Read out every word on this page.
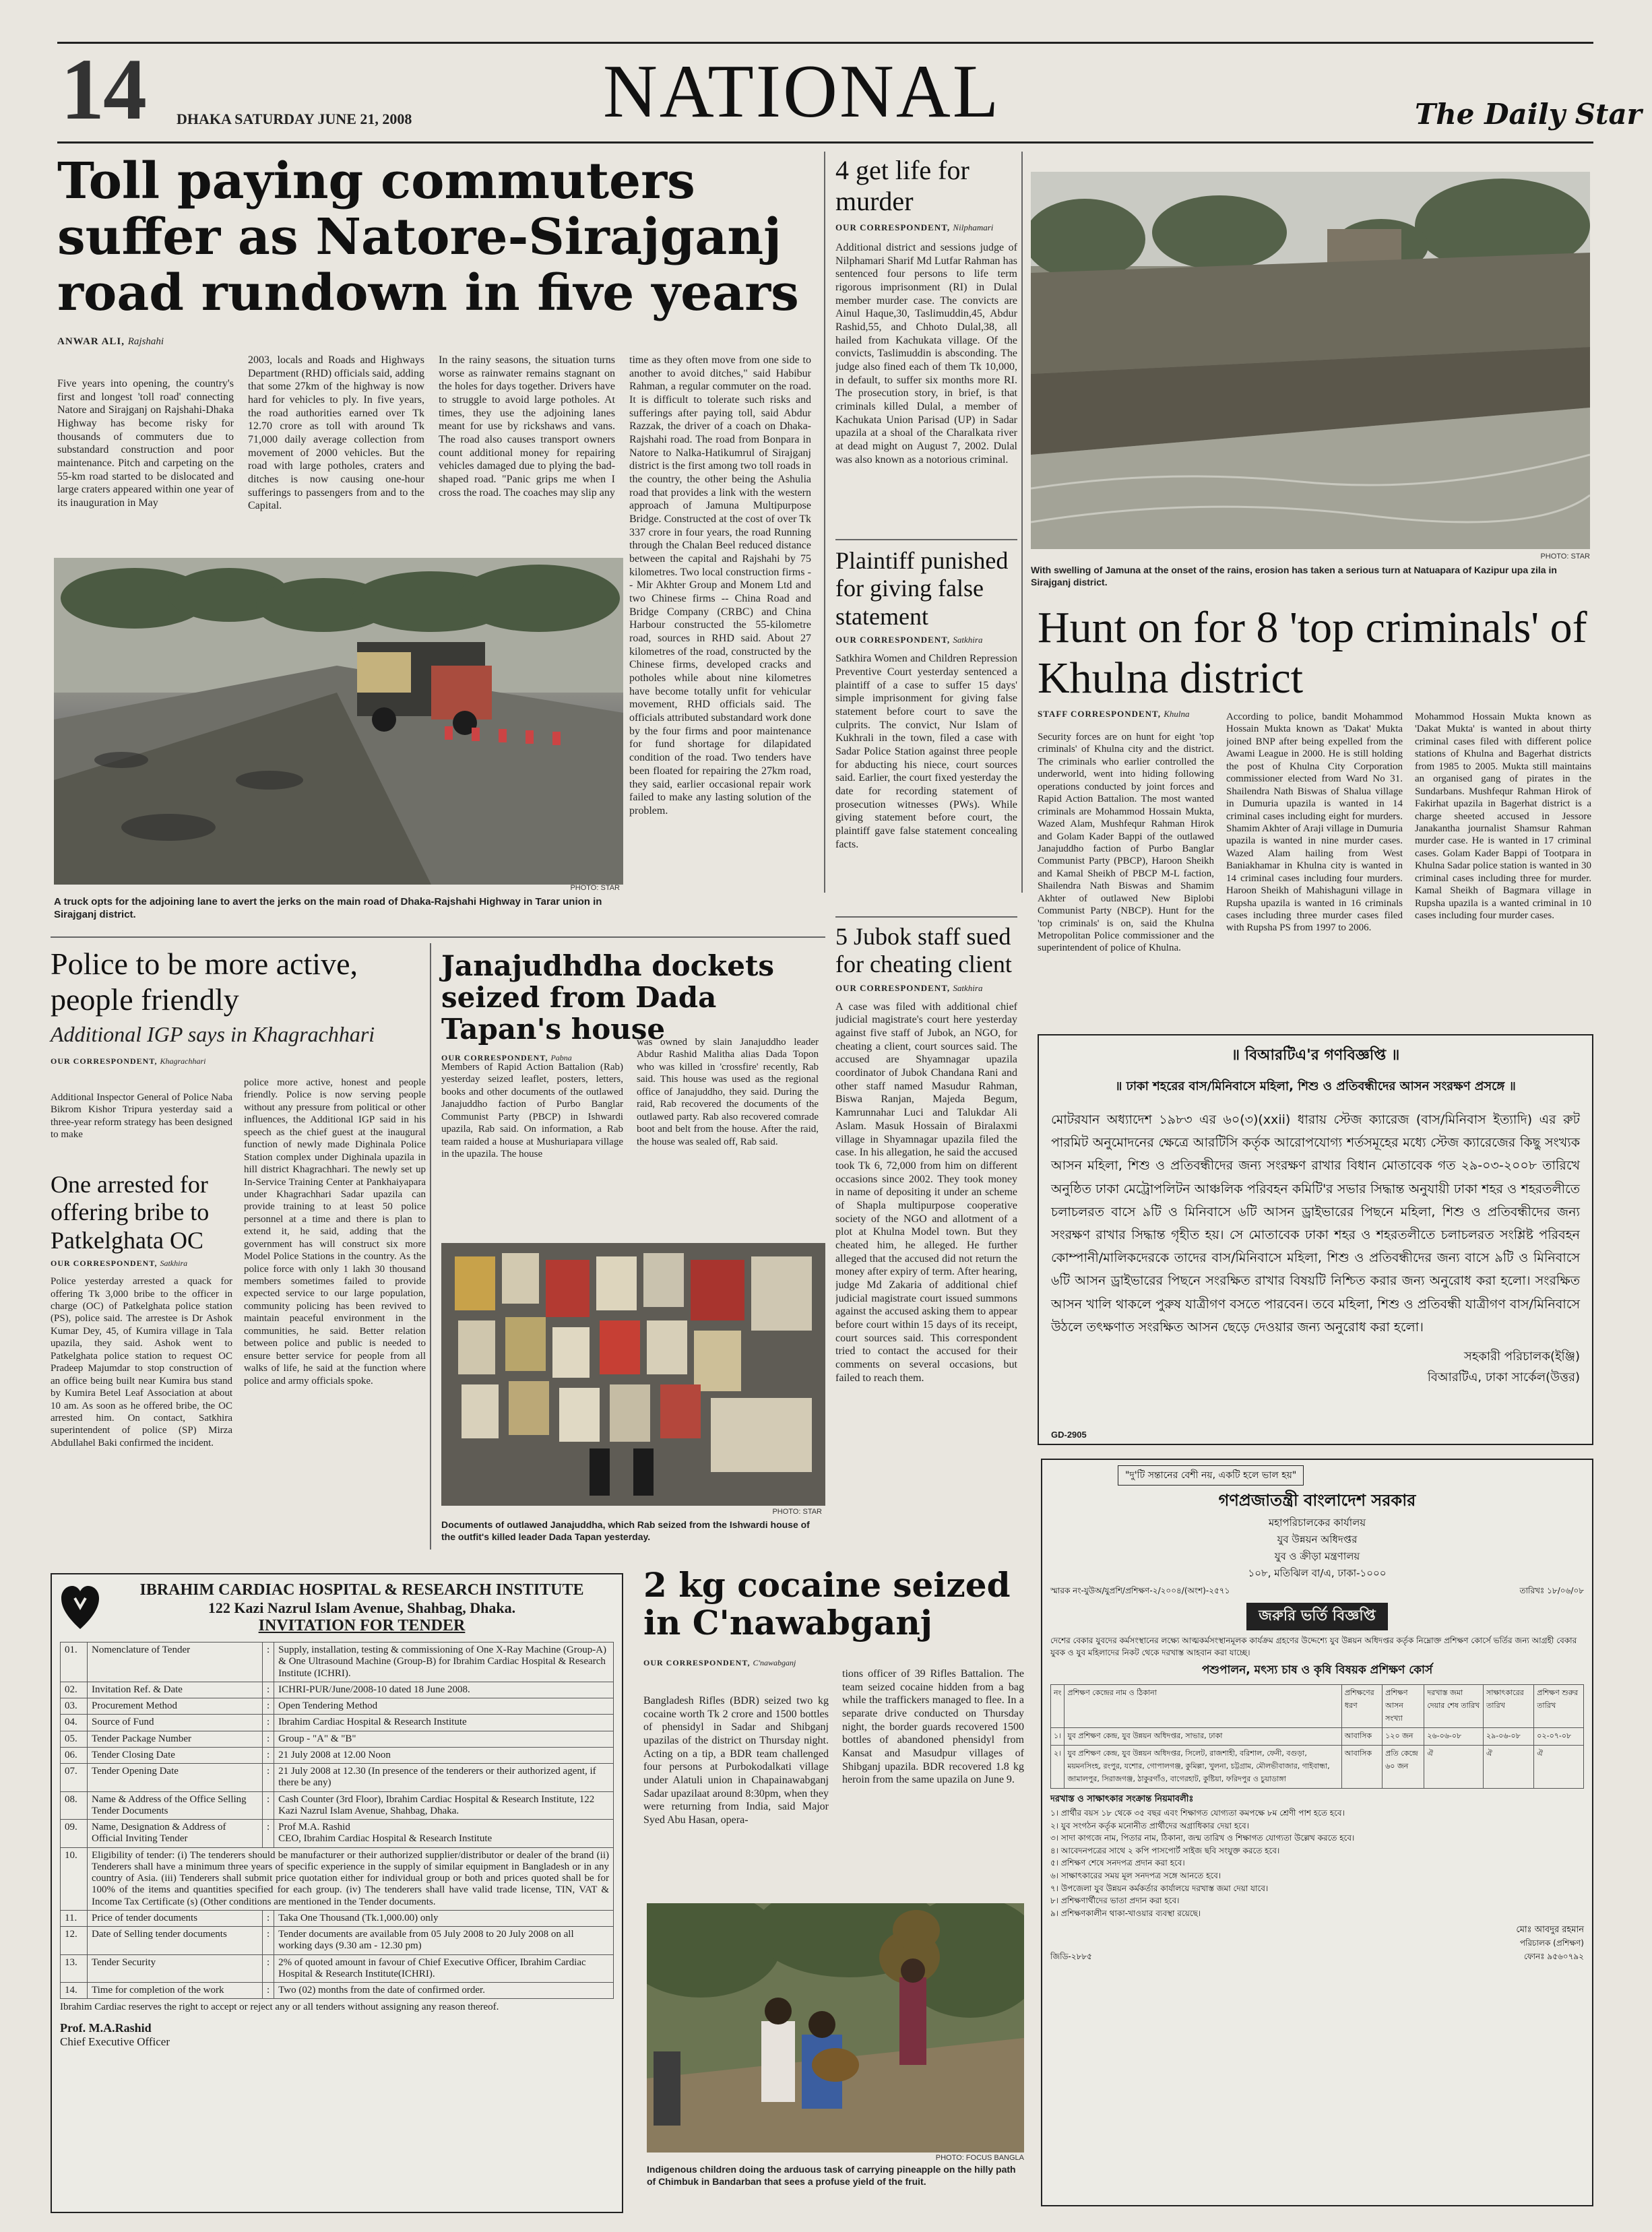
14 DHAKA SATURDAY JUNE 21, 2008	NATIONAL	The Daily Star
Toll paying commuters suffer as Natore-Sirajganj road rundown in five years
ANWAR ALI, Rajshahi
Five years into opening, the country's first and longest 'toll road' connecting Natore and Sirajganj on Rajshahi-Dhaka Highway has become risky for thousands of commuters due to substandard construction and poor maintenance. Pitch and carpeting on the 55-km road started to be dislocated and large craters appeared within one year of its inauguration in May
2003, locals and Roads and Highways Department (RHD) officials said, adding that some 27km of the highway is now hard for vehicles to ply. In five years, the road authorities earned over Tk 12.70 crore as toll with around Tk 71,000 daily average collection from movement of 2000 vehicles. But the road with large potholes, craters and ditches is now causing one-hour sufferings to passengers from and to the Capital.
In the rainy seasons, the situation turns worse as rainwater remains stagnant on the holes for days together. Drivers have to struggle to avoid large potholes. At times, they use the adjoining lanes meant for use by rickshaws and vans. The road also causes transport owners count additional money for repairing vehicles damaged due to plying the bad-shaped road. "Panic grips me when I cross the road. The coaches may slip any
time as they often move from one side to another to avoid ditches," said Habibur Rahman, a regular commuter on the road. It is difficult to tolerate such risks and sufferings after paying toll, said Abdur Razzak, the driver of a coach on Dhaka-Rajshahi road. The road from Bonpara in Natore to Nalka-Hatikumrul of Sirajganj district is the first among two toll roads in the country, the other being the Ashulia road that provides a link with the western approach of Jamuna Multipurpose Bridge. Constructed at the cost of over Tk 337 crore in four years, the road Running through the Chalan Beel reduced distance between the capital and Rajshahi by 75 kilometres. Two local construction firms -- Mir Akhter Group and Monem Ltd and two Chinese firms -- China Road and Bridge Company (CRBC) and China Harbour constructed the 55-kilometre road, sources in RHD said. About 27 kilometres of the road, constructed by the Chinese firms, developed cracks and potholes while about nine kilometres have become totally unfit for vehicular movement, RHD officials said. The officials attributed substandard work done by the four firms and poor maintenance for fund shortage for dilapidated condition of the road. Two tenders have been floated for repairing the 27km road, they said, earlier occasional repair work failed to make any lasting solution of the problem.
PHOTO: STAR
A truck opts for the adjoining lane to avert the jerks on the main road of Dhaka-Rajshahi Highway in Tarar union in Sirajganj district.
4 get life for murder
OUR CORRESPONDENT, Nilphamari
Additional district and sessions judge of Nilphamari Sharif Md Lutfar Rahman has sentenced four persons to life term rigorous imprisonment (RI) in Dulal member murder case. The convicts are Ainul Haque,30, Taslimuddin,45, Abdur Rashid,55, and Chhoto Dulal,38, all hailed from Kachukata village. Of the convicts, Taslimuddin is absconding. The judge also fined each of them Tk 10,000, in default, to suffer six months more RI. The prosecution story, in brief, is that criminals killed Dulal, a member of Kachukata Union Parisad (UP) in Sadar upazila at a shoal of the Charalkata river at dead might on August 7, 2002. Dulal was also known as a notorious criminal.
Plaintiff punished for giving false statement
OUR CORRESPONDENT, Satkhira
Satkhira Women and Children Repression Preventive Court yesterday sentenced a plaintiff of a case to suffer 15 days' simple imprisonment for giving false statement before court to save the culprits. The convict, Nur Islam of Kukhrali in the town, filed a case with Sadar Police Station against three people for abducting his niece, court sources said. Earlier, the court fixed yesterday the date for recording statement of prosecution witnesses (PWs). While giving statement before court, the plaintiff gave false statement concealing facts.
5 Jubok staff sued for cheating client
OUR CORRESPONDENT, Satkhira
A case was filed with additional chief judicial magistrate's court here yesterday against five staff of Jubok, an NGO, for cheating a client, court sources said. The accused are Shyamnagar upazila coordinator of Jubok Chandana Rani and other staff named Masudur Rahman, Biswa Ranjan, Majeda Begum, Kamrunnahar Luci and Talukdar Ali Aslam. Masuk Hossain of Biralaxmi village in Shyamnagar upazila filed the case. In his allegation, he said the accused took Tk 6, 72,000 from him on different occasions since 2002. They took money in name of depositing it under an scheme of Shapla multipurpose cooperative society of the NGO and allotment of a plot at Khulna Model town. But they cheated him, he alleged. He further alleged that the accused did not return the money after expiry of term. After hearing, judge Md Zakaria of additional chief judicial magistrate court issued summons against the accused asking them to appear before court within 15 days of its receipt, court sources said. This correspondent tried to contact the accused for their comments on several occasions, but failed to reach them.
PHOTO: STAR
With swelling of Jamuna at the onset of the rains, erosion has taken a serious turn at Natuapara of Kazipur upa zila in Sirajganj district.
Hunt on for 8 'top criminals' of Khulna district
STAFF CORRESPONDENT, Khulna
Security forces are on hunt for eight 'top criminals' of Khulna city and the district. The criminals who earlier controlled the underworld, went into hiding following operations conducted by joint forces and Rapid Action Battalion. The most wanted criminals are Mohammod Hossain Mukta, Wazed Alam, Mushfequr Rahman Hirok and Golam Kader Bappi of the outlawed Janajuddho faction of Purbo Banglar Communist Party (PBCP), Haroon Sheikh and Kamal Sheikh of PBCP M-L faction, Shailendra Nath Biswas and Shamim Akhter of outlawed New Biplobi Communist Party (NBCP). Hunt for the 'top criminals' is on, said the Khulna Metropolitan Police commissioner and the superintendent of police of Khulna.
According to police, bandit Mohammod Hossain Mukta known as 'Dakat' Mukta joined BNP after being expelled from the Awami League in 2000. He is still holding the post of Khulna City Corporation commissioner elected from Ward No 31. Shailendra Nath Biswas of Shalua village in Dumuria upazila is wanted in 14 criminal cases including eight for murders. Shamim Akhter of Araji village in Dumuria upazila is wanted in nine murder cases. Wazed Alam hailing from West Baniakhamar in Khulna city is wanted in 14 criminal cases including four murders. Haroon Sheikh of Mahishaguni village in Rupsha upazila is wanted in 16 criminals cases including three murder cases filed with Rupsha PS from 1997 to 2006.
Mohammod Hossain Mukta known as 'Dakat Mukta' is wanted in about thirty criminal cases filed with different police stations of Khulna and Bagerhat districts from 1985 to 2005. Mukta still maintains an organised gang of pirates in the Sundarbans. Mushfequr Rahman Hirok of Fakirhat upazila in Bagerhat district is a charge sheeted accused in Jessore Janakantha journalist Shamsur Rahman murder case. He is wanted in 17 criminal cases. Golam Kader Bappi of Tootpara in Khulna Sadar police station is wanted in 30 criminal cases including three for murder. Kamal Sheikh of Bagmara village in Rupsha upazila is a wanted criminal in 10 cases including four murder cases.
Police to be more active, people friendly
Additional IGP says in Khagrachhari
OUR CORRESPONDENT, Khagrachhari
Additional Inspector General of Police Naba Bikrom Kishor Tripura yesterday said a three-year reform strategy has been designed to make
police more active, honest and people friendly. Police is now serving people without any pressure from political or other influences, the Additional IGP said in his speech as the chief guest at the inaugural function of newly made Dighinala Police Station complex under Dighinala upazila in hill district Khagrachhari. The newly set up In-Service Training Center at Pankhaiyapara under Khagrachhari Sadar upazila can provide training to at least 50 police personnel at a time and there is plan to extend it, he said, adding that the government has will construct six more Model Police Stations in the country. As the police force with only 1 lakh 30 thousand members sometimes failed to provide expected service to our large population, community policing has been revived to maintain peaceful environment in the communities, he said. Better relation between police and public is needed to ensure better service for people from all walks of life, he said at the function where police and army officials spoke.
One arrested for offering bribe to Patkelghata OC
OUR CORRESPONDENT, Satkhira
Police yesterday arrested a quack for offering Tk 3,000 bribe to the officer in charge (OC) of Patkelghata police station (PS), police said. The arrestee is Dr Ashok Kumar Dey, 45, of Kumira village in Tala upazila, they said. Ashok went to Patkelghata police station to request OC Pradeep Majumdar to stop construction of an office being built near Kumira bus stand by Kumira Betel Leaf Association at about 10 am. As soon as he offered bribe, the OC arrested him. On contact, Satkhira superintendent of police (SP) Mirza Abdullahel Baki confirmed the incident.
Janajudhdha dockets seized from Dada Tapan's house
OUR CORRESPONDENT, Pabna
Members of Rapid Action Battalion (Rab) yesterday seized leaflet, posters, letters, books and other documents of the outlawed Janajuddho faction of Purbo Banglar Communist Party (PBCP) in Ishwardi upazila, Rab said. On information, a Rab team raided a house at Mushuriapara village in the upazila. The house
was owned by slain Janajuddho leader Abdur Rashid Malitha alias Dada Topon who was killed in 'crossfire' recently, Rab said. This house was used as the regional office of Janajuddho, they said. During the raid, Rab recovered the documents of the outlawed party. Rab also recovered comrade boot and belt from the house. After the raid, the house was sealed off, Rab said.
PHOTO: STAR
Documents of outlawed Janajuddha, which Rab seized from the Ishwardi house of the outfit's killed leader Dada Tapan yesterday.
IBRAHIM CARDIAC HOSPITAL & RESEARCH INSTITUTE
122 Kazi Nazrul Islam Avenue, Shahbag, Dhaka.
INVITATION FOR TENDER
01.	Nomenclature of Tender	:	Supply, installation, testing & commissioning of One X-Ray Machine (Group-A) & One Ultrasound Machine (Group-B) for Ibrahim Cardiac Hospital & Research Institute (ICHRI).
02.	Invitation Ref. & Date	:	ICHRI-PUR/June/2008-10 dated 18 June 2008.
03.	Procurement Method	:	Open Tendering Method
04.	Source of Fund	:	Ibrahim Cardiac Hospital & Research Institute
05.	Tender Package Number	:	Group - "A" & "B"
06.	Tender Closing Date	:	21 July 2008 at 12.00 Noon
07.	Tender Opening Date	:	21 July 2008 at 12.30 (In presence of the tenderers or their authorized agent, if there be any)
08.	Name & Address of the Office Selling Tender Documents	:	Cash Counter (3rd Floor), Ibrahim Cardiac Hospital & Research Institute, 122 Kazi Nazrul Islam Avenue, Shahbag, Dhaka.
09.	Name, Designation & Address of Official Inviting Tender	:	Prof M.A. Rashid
CEO, Ibrahim Cardiac Hospital & Research Institute
10.	Eligibility of tender: (i) The tenderers should be manufacturer or their authorized supplier/distributor or dealer of the brand (ii) Tenderers shall have a minimum three years of specific experience in the supply of similar equipment in Bangladesh or in any country of Asia. (iii) Tenderers shall submit price quotation either for individual group or both and prices quoted shall be for 100% of the items and quantities specified for each group. (iv) The tenderers shall have valid trade license, TIN, VAT & Income Tax Certificate (s) (Other conditions are mentioned in the Tender documents.		
11.	Price of tender documents	:	Taka One Thousand (Tk.1,000.00) only
12.	Date of Selling tender documents	:	Tender documents are available from 05 July 2008 to 20 July 2008 on all working days (9.30 am - 12.30 pm)
13.	Tender Security	:	2% of quoted amount in favour of Chief Executive Officer, Ibrahim Cardiac Hospital & Research Institute(ICHRI).
14.	Time for completion of the work	:	Two (02) months from the date of confirmed order.
Ibrahim Cardiac reserves the right to accept or reject any or all tenders without assigning any reason thereof.
Prof. M.A.Rashid
Chief Executive Officer
2 kg cocaine seized in C'nawabganj
OUR CORRESPONDENT, C'nawabganj
Bangladesh Rifles (BDR) seized two kg cocaine worth Tk 2 crore and 1500 bottles of phensidyl in Sadar and Shibganj upazilas of the district on Thursday night. Acting on a tip, a BDR team challenged four persons at Purbokodalkati village under Alatuli union in Chapainawabganj Sadar upazilaat around 8:30pm, when they were returning from India, said Major Syed Abu Hasan, opera-
tions officer of 39 Rifles Battalion. The team seized cocaine hidden from a bag while the traffickers managed to flee. In a separate drive conducted on Thursday night, the border guards recovered 1500 bottles of abandoned phensidyl from Kansat and Masudpur villages of Shibganj upazila. BDR recovered 1.8 kg heroin from the same upazila on June 9.
PHOTO: FOCUS BANGLA
Indigenous children doing the arduous task of carrying pineapple on the hilly path of Chimbuk in Bandarban that sees a profuse yield of the fruit.
॥ বিআরটিএ'র গণবিজ্ঞপ্তি ॥
॥ ঢাকা শহরের বাস/মিনিবাসে মহিলা, শিশু ও প্রতিবন্ধীদের আসন সংরক্ষণ প্রসঙ্গে ॥
মোটরযান অধ্যাদেশ ১৯৮৩ এর ৬০(৩)(xxii) ধারায় স্টেজ ক্যারেজ (বাস/মিনিবাস ইত্যাদি) এর রুট পারমিট অনুমোদনের ক্ষেত্রে আরটিসি কর্তৃক আরোপযোগ্য শর্তসমূহের মধ্যে স্টেজ ক্যারেজের কিছু সংখ্যক আসন মহিলা, শিশু ও প্রতিবন্ধীদের জন্য সংরক্ষণ রাখার বিধান মোতাবেক গত ২৯-০৩-২০০৮ তারিখে অনুষ্ঠিত ঢাকা মেট্রোপলিটন আঞ্চলিক পরিবহন কমিটি'র সভার সিদ্ধান্ত অনুযায়ী ঢাকা শহর ও শহরতলীতে চলাচলরত বাসে ৯টি ও মিনিবাসে ৬টি আসন ড্রাইভারের পিছনে মহিলা, শিশু ও প্রতিবন্ধীদের জন্য সংরক্ষণ রাখার সিদ্ধান্ত গৃহীত হয়। সে মোতাবেক ঢাকা শহর ও শহরতলীতে চলাচলরত সংশ্লিষ্ট পরিবহন কোম্পানী/মালিকদেরকে তাদের বাস/মিনিবাসে মহিলা, শিশু ও প্রতিবন্ধীদের জন্য বাসে ৯টি ও মিনিবাসে ৬টি আসন ড্রাইভারের পিছনে সংরক্ষিত রাখার বিষয়টি নিশ্চিত করার জন্য অনুরোধ করা হলো। সংরক্ষিত আসন খালি থাকলে পুরুষ যাত্রীগণ বসতে পারবেন। তবে মহিলা, শিশু ও প্রতিবন্ধী যাত্রীগণ বাস/মিনিবাসে উঠলে তৎক্ষণাত সংরক্ষিত আসন ছেড়ে দেওয়ার জন্য অনুরোধ করা হলো।
সহকারী পরিচালক(ইঞ্জি)
বিআরটিএ, ঢাকা সার্কেল(উত্তর)
GD-2905
"দু'টি সন্তানের বেশী নয়, একটি হলে ভাল হয়"
গণপ্রজাতন্ত্রী বাংলাদেশ সরকার
মহাপরিচালকের কার্যালয়
যুব উন্নয়ন অধিদপ্তর
যুব ও ক্রীড়া মন্ত্রণালয়
১০৮, মতিঝিল বা/এ, ঢাকা-১০০০
স্মারক নং-যুউঅ/যুপ্রশি/প্রশিক্ষণ-২/২০০৪/(অংশ)-২৫৭১	তারিখঃ ১৮/০৬/০৮
জরুরি ভর্তি বিজ্ঞপ্তি
দেশের বেকার যুবদের কর্মসংস্থানের লক্ষ্যে আত্মকর্মসংস্থানমূলক কার্যক্রম গ্রহণের উদ্দেশ্যে যুব উন্নয়ন অধিদপ্তর কর্তৃক নিম্নোক্ত প্রশিক্ষণ কোর্সে ভর্তির জন্য আগ্রহী বেকার যুবক ও যুব মহিলাদের নিকট থেকে দরখাস্ত আহবান করা যাচ্ছে।
পশুপালন, মৎস্য চাষ ও কৃষি বিষয়ক প্রশিক্ষণ কোর্স
নং	প্রশিক্ষণ কেন্দ্রের নাম ও ঠিকানা	প্রশিক্ষণের ধরণ	প্রশিক্ষণ আসন সংখ্যা	দরখাস্ত জমা দেয়ার শেষ তারিখ	সাক্ষাৎকারের তারিখ	প্রশিক্ষণ শুরুর তারিখ
১।	যুব প্রশিক্ষণ কেন্দ্র, যুব উন্নয়ন অধিদপ্তর, সাভার, ঢাকা	আবাসিক	১২০ জন	২৬-০৬-০৮	২৯-০৬-০৮	০২-০৭-০৮
২।	যুব প্রশিক্ষণ কেন্দ্র, যুব উন্নয়ন অধিদপ্তর, সিলেট, রাজশাহী, বরিশাল, ফেনী, বগুড়া, ময়মনসিংহ, রংপুর, যশোর, গোপালগঞ্জ, কুমিল্লা, খুলনা, চট্টগ্রাম, মৌলভীবাজার, গাইবান্ধা, জামালপুর, সিরাজগঞ্জ, ঠাকুরগাঁও, বাগেরহাট, কুষ্টিয়া, ফরিদপুর ও চুয়াডাঙ্গা	আবাসিক	প্রতি কেন্দ্রে ৬০ জন	ঐ	ঐ	ঐ
দরখাস্ত ও সাক্ষাৎকার সংক্রান্ত নিয়মাবলীঃ
১। প্রার্থীর বয়স ১৮ থেকে ৩৫ বছর এবং শিক্ষাগত যোগ্যতা কমপক্ষে ৮ম শ্রেণী পাশ হতে হবে।
২। যুব সংগঠন কর্তৃক মনোনীত প্রার্থীদের অগ্রাধিকার দেয়া হবে।
৩। সাদা কাগজে নাম, পিতার নাম, ঠিকানা, জন্ম তারিখ ও শিক্ষাগত যোগ্যতা উল্লেখ করতে হবে।
৪। আবেদনপত্রের সাথে ২ কপি পাসপোর্ট সাইজ ছবি সংযুক্ত করতে হবে।
৫। প্রশিক্ষণ শেষে সনদপত্র প্রদান করা হবে।
৬। সাক্ষাৎকারের সময় মূল সনদপত্র সঙ্গে আনতে হবে।
৭। উপজেলা যুব উন্নয়ন কর্মকর্তার কার্যালয়ে দরখাস্ত জমা দেয়া যাবে।
৮। প্রশিক্ষণার্থীদের ভাতা প্রদান করা হবে।
৯। প্রশিক্ষণকালীন থাকা-খাওয়ার ব্যবস্থা রয়েছে।
মোঃ আবদুর রহমান
পরিচালক (প্রশিক্ষণ)
জিডি-২৮৮৫	ফোনঃ ৯৫৬০৭৯২
